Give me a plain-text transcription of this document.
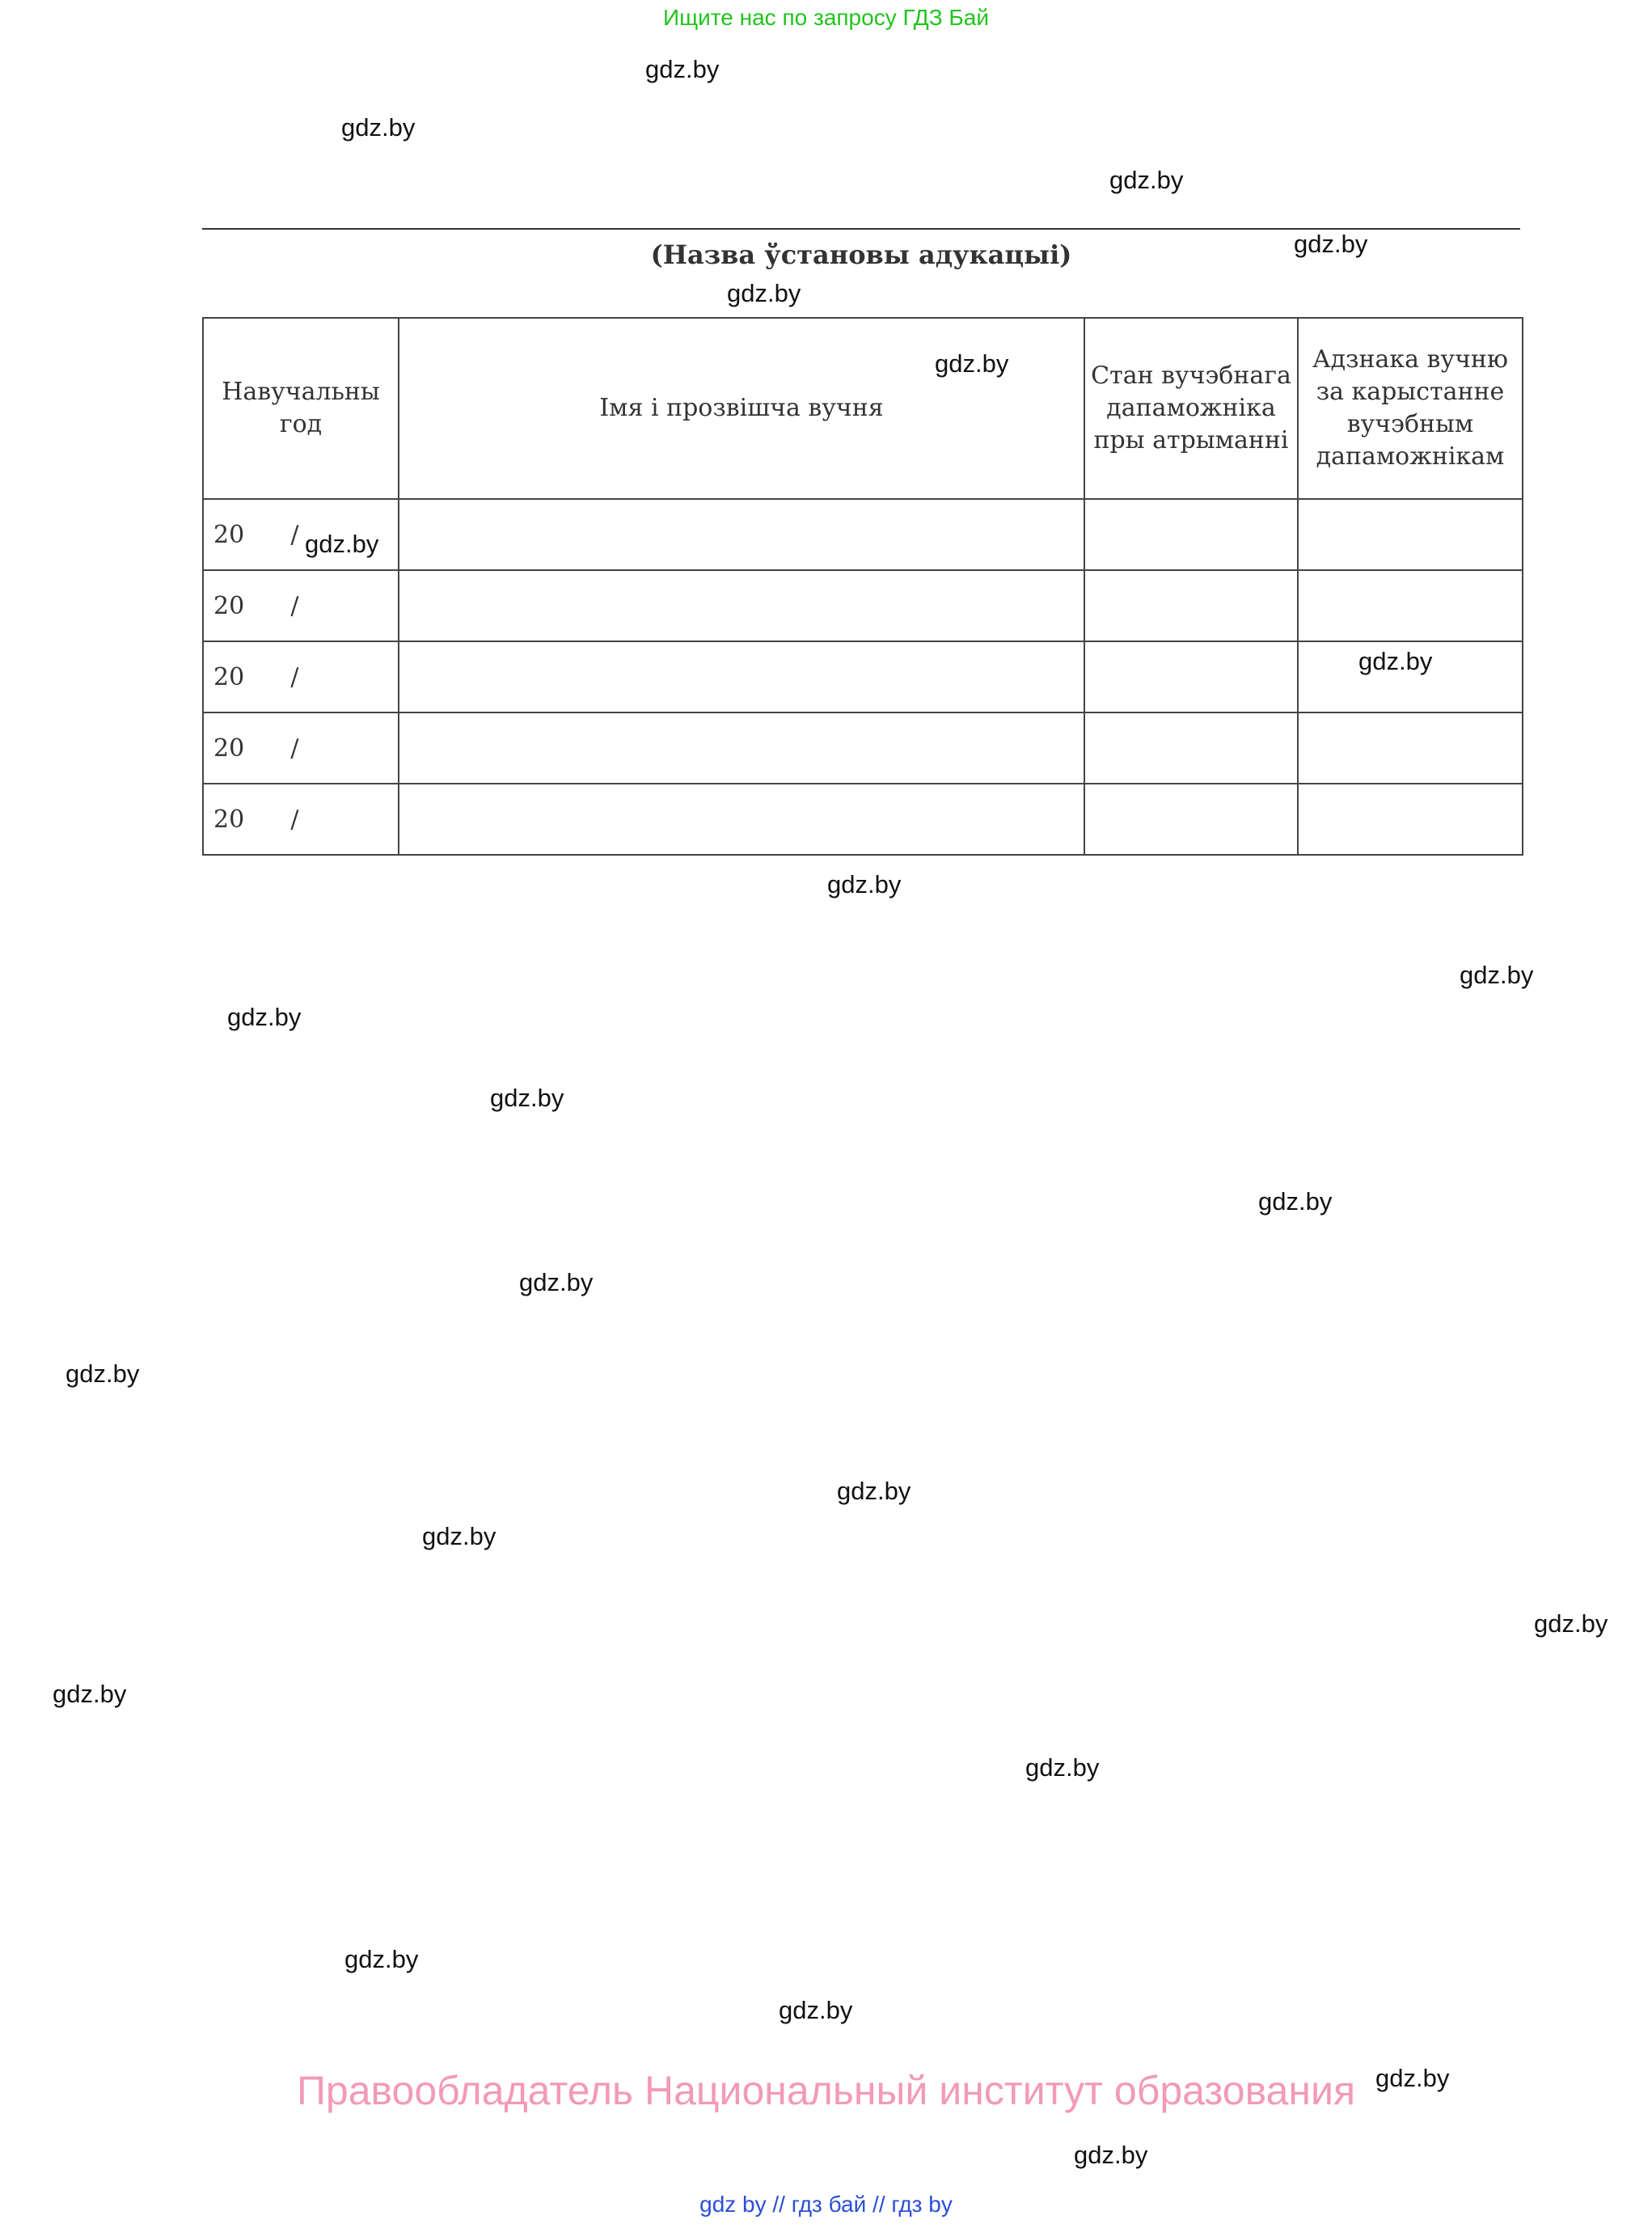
Ищите нас по запросу ГДЗ Бай
gdz.by
gdz.by
gdz.by
gdz.by
gdz.by
gdz.by
gdz.by
gdz.by
gdz.by
gdz.by
gdz.by
gdz.by
gdz.by
gdz.by
gdz.by
gdz.by
gdz.by
gdz.by
gdz.by
gdz.by
gdz.by
gdz.by
gdz.by
gdz.by
(Назва ўстановы адукацыі)
Навучальны год	Імя і прозвішча вучня	Стан вучэбнага дапаможніка пры атрыманні	Адзнака вучню за карыстанне вучэбным дапаможнікам
20      /			
20      /			
20      /			
20      /			
20      /			
Правообладатель Национальный институт образования
gdz by // гдз бай // гдз by
